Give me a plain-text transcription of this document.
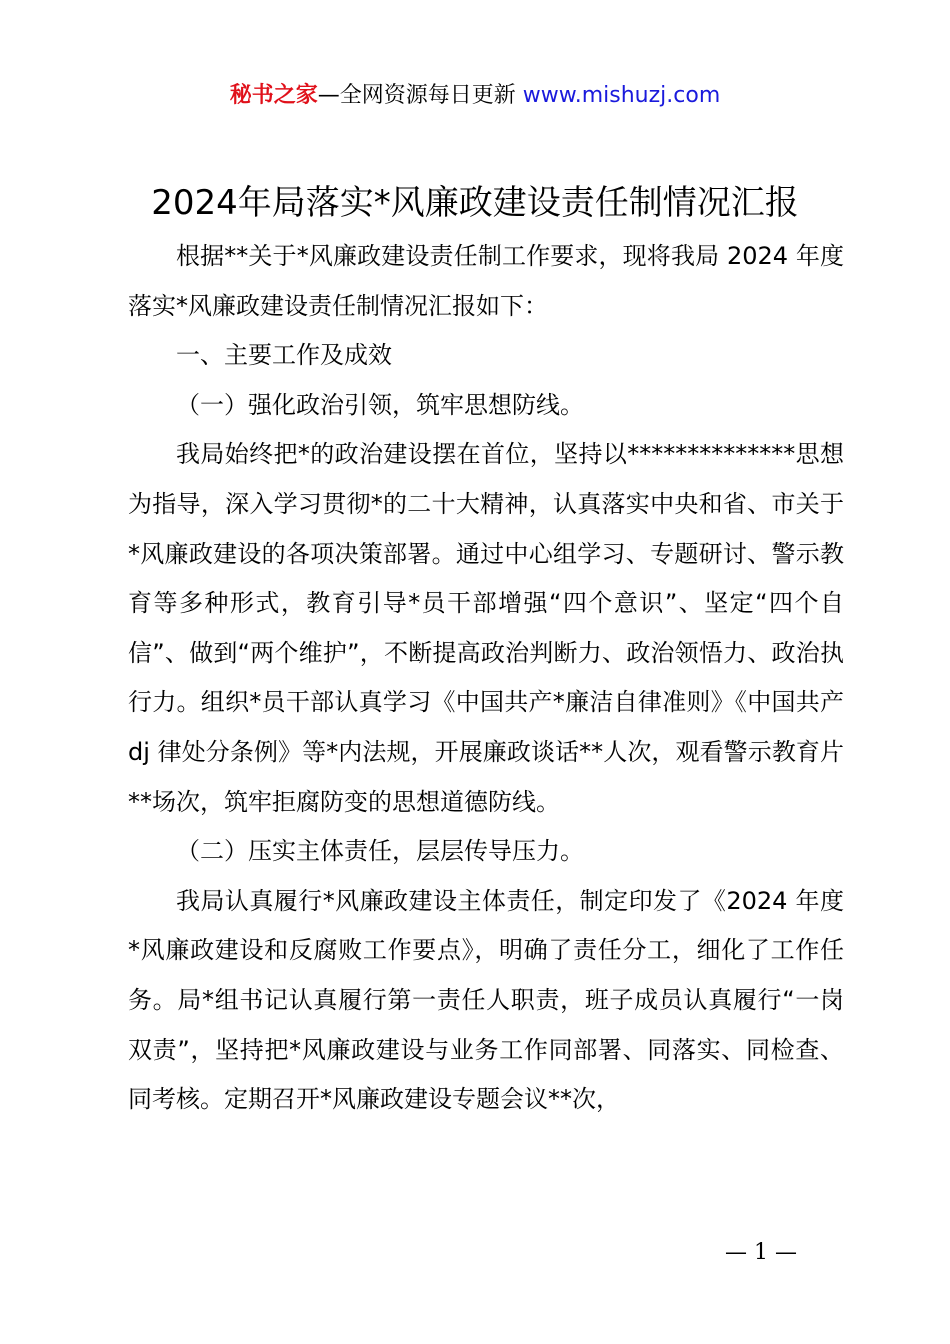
秘书之家—全网资源每日更新 www.mishuzj.com
2024年局落实*风廉政建设责任制情况汇报

根据**关于*风廉政建设责任制工作要求，现将我局 2024 年度落实*风廉政建设责任制情况汇报如下：

一、主要工作及成效

（一）强化政治引领，筑牢思想防线。

我局始终把*的政治建设摆在首位，坚持以**************思想为指导，深入学习贯彻*的二十大精神，认真落实中央和省、市关于*风廉政建设的各项决策部署。通过中心组学习、专题研讨、警示教育等多种形式，教育引导*员干部增强“四个意识”、坚定“四个自信”、做到“两个维护”，不断提高政治判断力、政治领悟力、政治执行力。组织*员干部认真学习《中国共产*廉洁自律准则》《中国共产 dj 律处分条例》等*内法规，开展廉政谈话**人次，观看警示教育片**场次，筑牢拒腐防变的思想道德防线。

（二）压实主体责任，层层传导压力。

我局认真履行*风廉政建设主体责任，制定印发了《2024 年度*风廉政建设和反腐败工作要点》，明确了责任分工，细化了工作任务。局*组书记认真履行第一责任人职责，班子成员认真履行“一岗双责”，坚持把*风廉政建设与业务工作同部署、同落实、同检查、同考核。定期召开*风廉政建设专题会议**次，

— 1 —
